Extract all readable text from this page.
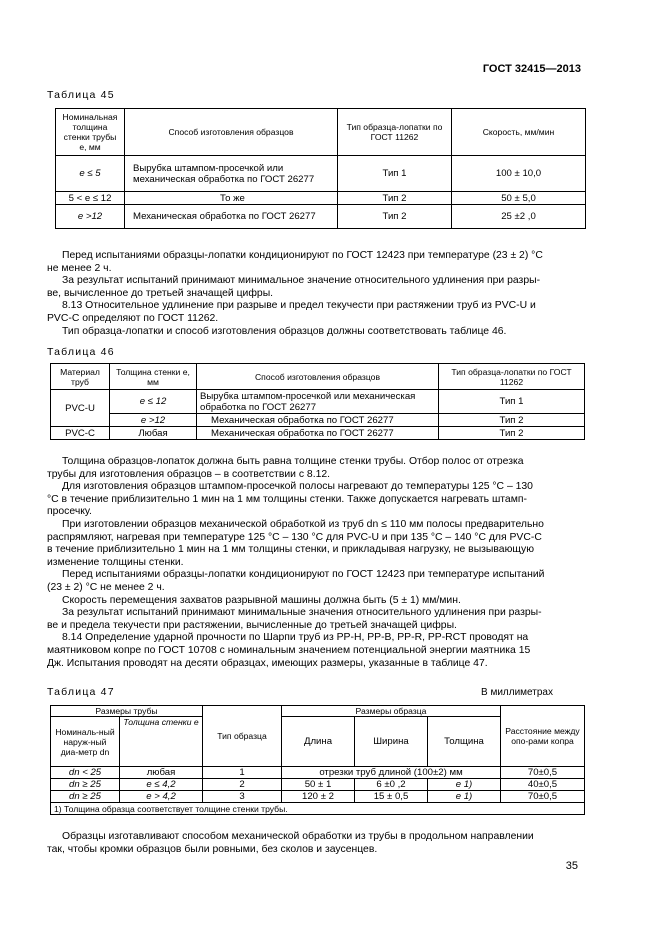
ГОСТ 32415—2013
Таблица 45
Номинальная толщина стенки трубы e, мм	Способ изготовления образцов	Тип образца-лопатки по ГОСТ 11262	Скорость, мм/мин
e ≤ 5	Вырубка штампом-просечкой или механическая обработка по ГОСТ 26277	Тип 1	100 ± 10,0
5 < e ≤ 12	То же	Тип 2	50 ± 5,0
e >12	Механическая обработка по ГОСТ 26277	Тип 2	25 ±2 ,0
Перед испытаниями образцы-лопатки кондиционируют по ГОСТ 12423 при температуре (23 ± 2) °С
не менее 2 ч.
За результат испытаний принимают минимальное значение относительного удлинения при разры-
ве, вычисленное до третьей значащей цифры.
8.13 Относительное удлинение при разрыве и предел текучести при растяжении труб из PVC-U и
PVC-С определяют по ГОСТ 11262.
Тип образца-лопатки и способ изготовления образцов должны соответствовать таблице 46.
Таблица 46
Материал труб	Толщина стенки e, мм	Способ изготовления образцов	Тип образца-лопатки по ГОСТ 11262
PVC-U	e ≤ 12	Вырубка штампом-просечкой или механическая обработка по ГОСТ 26277	Тип 1
	e >12	Механическая обработка по ГОСТ 26277	Тип 2
PVC-С	Любая	Механическая обработка по ГОСТ 26277	Тип 2
Толщина образцов-лопаток должна быть равна толщине стенки трубы. Отбор полос от отрезка
трубы для изготовления образцов – в соответствии с 8.12.
Для изготовления образцов штампом-просечкой полосы нагревают до температуры 125 °С – 130
°С в течение приблизительно 1 мин на 1 мм толщины стенки. Также допускается нагревать штамп-
просечку.
При изготовлении образцов механической обработкой из труб dn ≤ 110 мм полосы предварительно
распрямляют, нагревая при температуре 125 °С – 130 °С для PVC-U и при 135 °С – 140 °С для PVC-С
в течение приблизительно 1 мин на 1 мм толщины стенки, и прикладывая нагрузку, не вызывающую
изменение толщины стенки.
Перед испытаниями образцы-лопатки кондиционируют по ГОСТ 12423 при температуре испытаний
(23 ± 2) °С не менее 2 ч.
Скорость перемещения захватов разрывной машины должна быть (5 ± 1) мм/мин.
За результат испытаний принимают минимальные значения относительного удлинения при разры-
ве и предела текучести при растяжении, вычисленные до третьей значащей цифры.
8.14 Определение ударной прочности по Шарпи труб из PP-H, PP-B, PP-R, PP-RCT проводят на
маятниковом копре по ГОСТ 10708 с номинальным значением потенциальной энергии маятника 15
Дж. Испытания проводят на десяти образцах, имеющих размеры, указанные в таблице 47.
Таблица 47	В миллиметрах
Размеры трубы		Тип образца	Размеры образца			Расстояние между опо-рами копра
Номиналь-ный наруж-ный диа-метр dn	Толщина стенки e		Длина	Ширина	Толщина	
dn < 25	любая	1	отрезки труб длиной (100±2) мм			70±0,5
dn ≥ 25	e ≤ 4,2	2	50 ± 1	6 ±0 ,2	e 1)	40±0,5
dn ≥ 25	e > 4,2	3	120 ± 2	15 ± 0,5	e 1)	70±0,5
1) Толщина образца соответствует толщине стенки трубы.						
Образцы изготавливают способом механической обработки из трубы в продольном направлении
так, чтобы кромки образцов были ровными, без сколов и заусенцев.
35
